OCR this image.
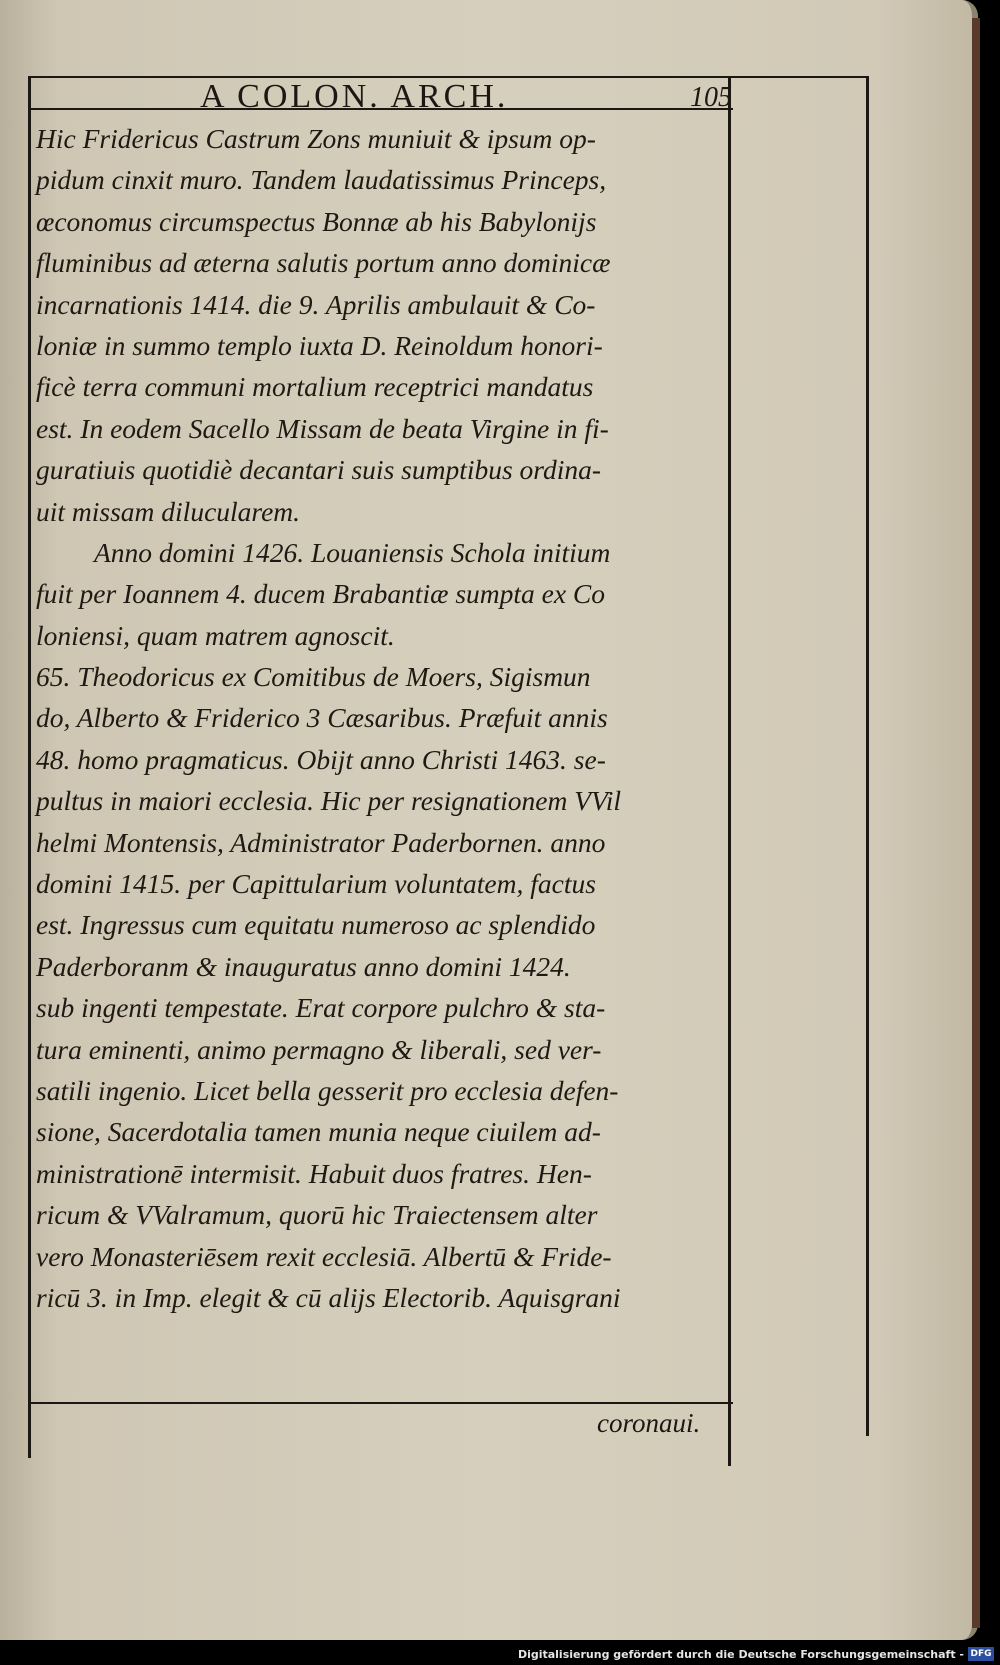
A COLON. ARCH.	105
Hic Fridericus Castrum Zons muniuit & ipsum op-
pidum cinxit muro. Tandem laudatissimus Princeps,
œconomus circumspectus Bonnæ ab his Babylonijs
fluminibus ad æterna salutis portum anno dominicæ
incarnationis 1414. die 9. Aprilis ambulauit & Co-
loniæ in summo templo iuxta D. Reinoldum honori-
ficè terra communi mortalium receptrici mandatus
est. In eodem Sacello Missam de beata Virgine in fi-
guratiuis quotidiè decantari suis sumptibus ordina-
uit missam dilucularem.
Anno domini 1426. Louaniensis Schola initium
fuit per Ioannem 4. ducem Brabantiæ sumpta ex Co
loniensi, quam matrem agnoscit.
65. Theodoricus ex Comitibus de Moers, Sigismun
do, Alberto & Friderico 3 Cæsaribus. Præfuit annis
48. homo pragmaticus. Obijt anno Christi 1463. se-
pultus in maiori ecclesia. Hic per resignationem VVil
helmi Montensis, Administrator Paderbornen. anno
domini 1415. per Capittularium voluntatem, factus
est. Ingressus cum equitatu numeroso ac splendido
Paderboranm & inauguratus anno domini 1424.
sub ingenti tempestate. Erat corpore pulchro & sta-
tura eminenti, animo permagno & liberali, sed ver-
satili ingenio. Licet bella gesserit pro ecclesia defen-
sione, Sacerdotalia tamen munia neque ciuilem ad-
ministrationē intermisit. Habuit duos fratres. Hen-
ricum & VValramum, quorū hic Traiectensem alter
vero Monasteriēsem rexit ecclesiā. Albertū & Fride-
ricū 3. in Imp. elegit & cū alijs Electorib. Aquisgrani
coronaui.
Digitalisierung gefördert durch die Deutsche Forschungsgemeinschaft - DFG
